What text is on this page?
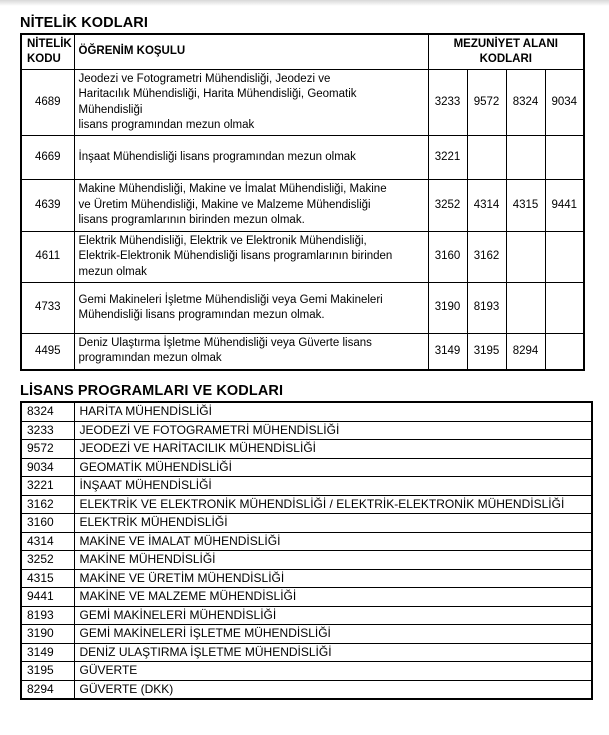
NİTELİK KODLARI
NİTELİK
KODU
	ÖĞRENİM KOŞULU	
MEZUNİYET ALANI
KODLARI

4689	Jeodezi ve Fotogrametri Mühendisliği, Jeodezi ve
Haritacılık Mühendisliği, Harita Mühendisliği, Geomatik
Mühendisliği
lisans programından mezun olmak	3233	9572	8324	9034
4669	İnşaat Mühendisliği lisans programından mezun olmak	3221			
4639	Makine Mühendisliği, Makine ve İmalat Mühendisliği, Makine
ve Üretim Mühendisliği, Makine ve Malzeme Mühendisliği
lisans programlarının birinden mezun olmak.	3252	4314	4315	9441
4611	Elektrik Mühendisliği, Elektrik ve Elektronik Mühendisliği,
Elektrik-Elektronik Mühendisliği lisans programlarının birinden
mezun olmak	3160	3162		
4733	Gemi Makineleri İşletme Mühendisliği veya Gemi Makineleri
Mühendisliği lisans programından mezun olmak.	3190	8193		
4495	Deniz Ulaştırma İşletme Mühendisliği veya Güverte lisans
programından mezun olmak	3149	3195	8294	
LİSANS PROGRAMLARI VE KODLARI
8324	HARİTA MÜHENDİSLİĞİ
3233	JEODEZİ VE FOTOGRAMETRİ MÜHENDİSLİĞİ
9572	JEODEZİ VE HARİTACILIK MÜHENDİSLİĞİ
9034	GEOMATİK MÜHENDİSLİĞİ
3221	İNŞAAT MÜHENDİSLİĞİ
3162	ELEKTRİK VE ELEKTRONİK MÜHENDİSLİĞİ / ELEKTRİK-ELEKTRONİK MÜHENDİSLİĞİ
3160	ELEKTRİK MÜHENDİSLİĞİ
4314	MAKİNE VE İMALAT MÜHENDİSLİĞİ
3252	MAKİNE MÜHENDİSLİĞİ
4315	MAKİNE VE ÜRETİM MÜHENDİSLİĞİ
9441	MAKİNE VE MALZEME MÜHENDİSLİĞİ
8193	GEMİ MAKİNELERİ MÜHENDİSLİĞİ
3190	GEMİ MAKİNELERİ İŞLETME MÜHENDİSLİĞİ
3149	DENİZ ULAŞTIRMA İŞLETME MÜHENDİSLİĞİ
3195	GÜVERTE
8294	GÜVERTE (DKK)
